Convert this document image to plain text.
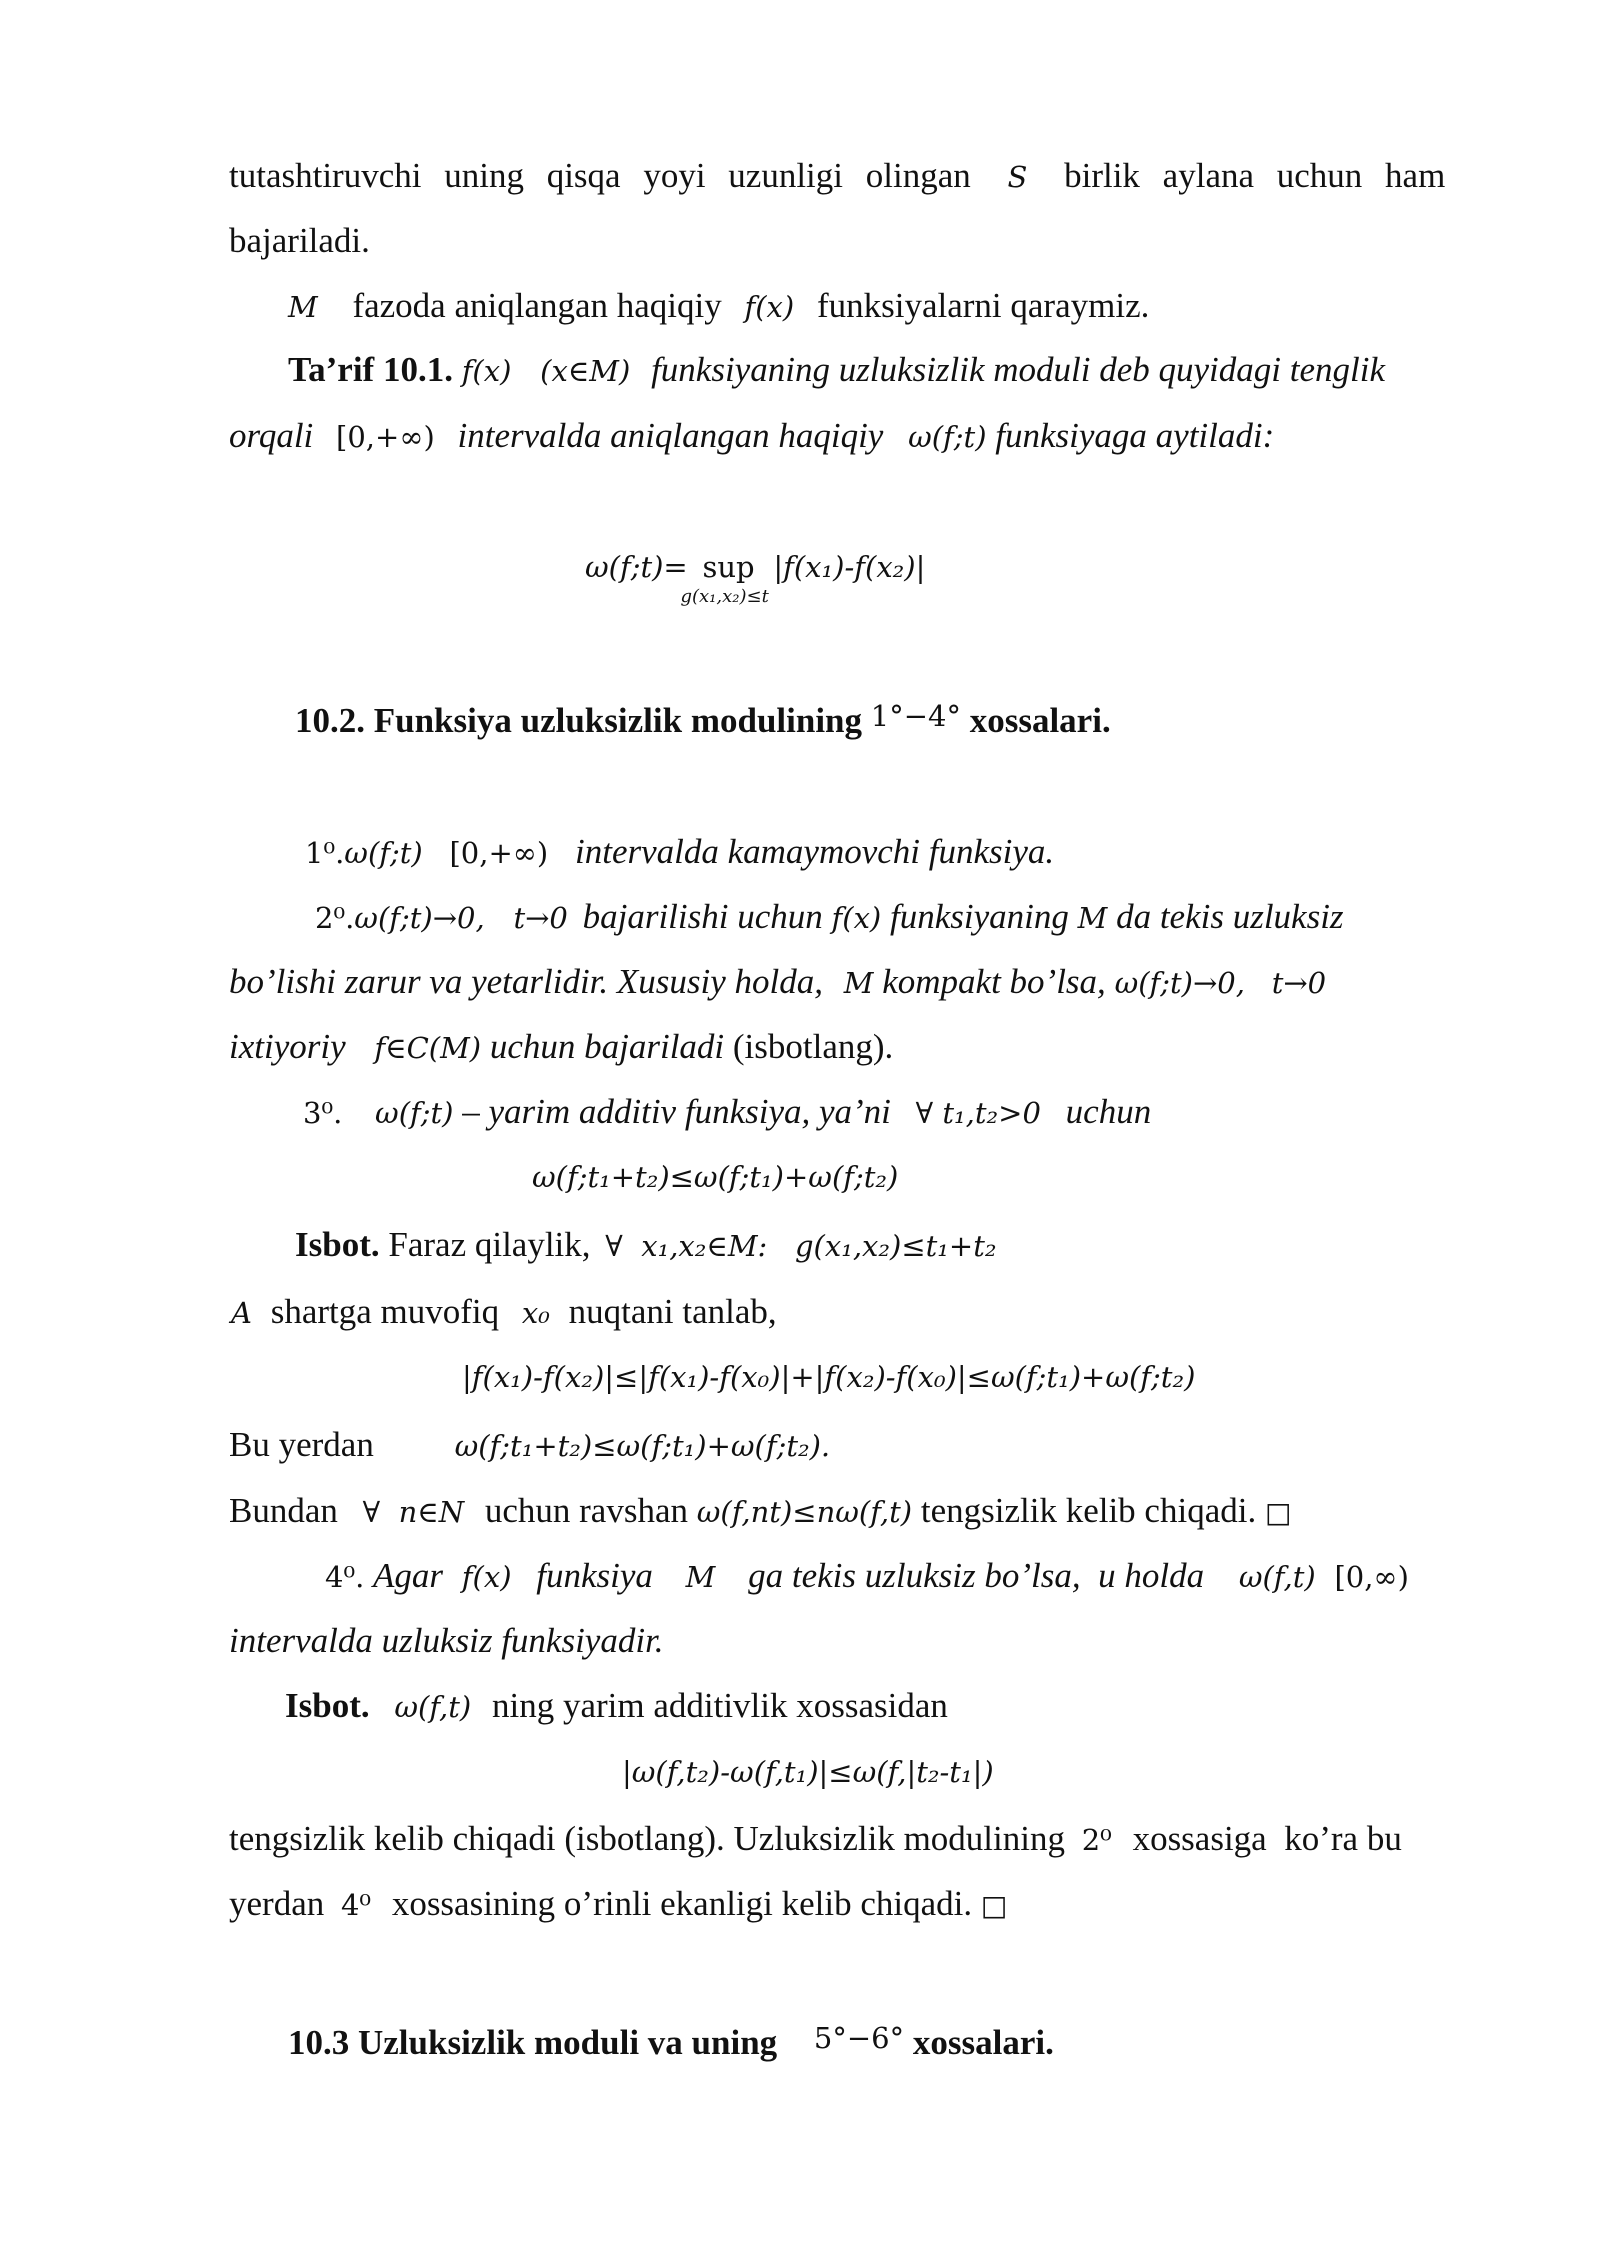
tutashtiruvchi uning qisqa yoyi uzunligi olingan S birlik aylana uchun ham
bajariladi.
M fazoda aniqlangan haqiqiy f(x) funksiyalarni qaraymiz.
Ta’rif 10.1. f(x) (x∈M) funksiyaning uzluksizlik moduli deb quyidagi tenglik
orqali [0,+∞) intervalda aniqlangan haqiqiy ω(f;t) funksiyaga aytiladi:
ω(f;t)= sup
g(x₁,x₂)≤t
|f(x₁)-f(x₂)|
10.2. Funksiya uzluksizlik modulining 1°−4° xossalari.
1⁰.ω(f;t) [0,+∞) intervalda kamaymovchi funksiya.
2⁰.ω(f;t)→0, t→0 bajarilishi uchun f(x) funksiyaning M da tekis uzluksiz
bo’lishi zarur va yetarlidir. Xususiy holda, M kompakt bo’lsa, ω(f;t)→0, t→0
ixtiyoriy f∈C(M) uchun bajariladi (isbotlang).
3⁰. ω(f;t) – yarim additiv funksiya, ya’ni ∀ t₁,t₂>0 uchun
ω(f;t₁+t₂)≤ω(f;t₁)+ω(f;t₂)
Isbot. Faraz qilaylik, ∀  x₁,x₂∈M:   g(x₁,x₂)≤t₁+t₂
A shartga muvofiq x₀ nuqtani tanlab,
|f(x₁)-f(x₂)|≤|f(x₁)-f(x₀)|+|f(x₂)-f(x₀)|≤ω(f;t₁)+ω(f;t₂)
Bu yerdan	ω(f;t₁+t₂)≤ω(f;t₁)+ω(f;t₂).
Bundan ∀  n∈N uchun ravshan ω(f,nt)≤nω(f,t) tengsizlik kelib chiqadi. □
4⁰. Agar f(x) funksiya M ga tekis uzluksiz bo’lsa,  u holda ω(f,t) [0,∞)
intervalda uzluksiz funksiyadir.
Isbot. ω(f,t) ning yarim additivlik xossasidan
|ω(f,t₂)-ω(f,t₁)|≤ω(f,|t₂-t₁|)
tengsizlik kelib chiqadi (isbotlang). Uzluksizlik modulining 2⁰ xossasiga  ko’ra bu
yerdan 4⁰ xossasining o’rinli ekanligi kelib chiqadi. □
10.3 Uzluksizlik moduli va uning 5°−6° xossalari.
